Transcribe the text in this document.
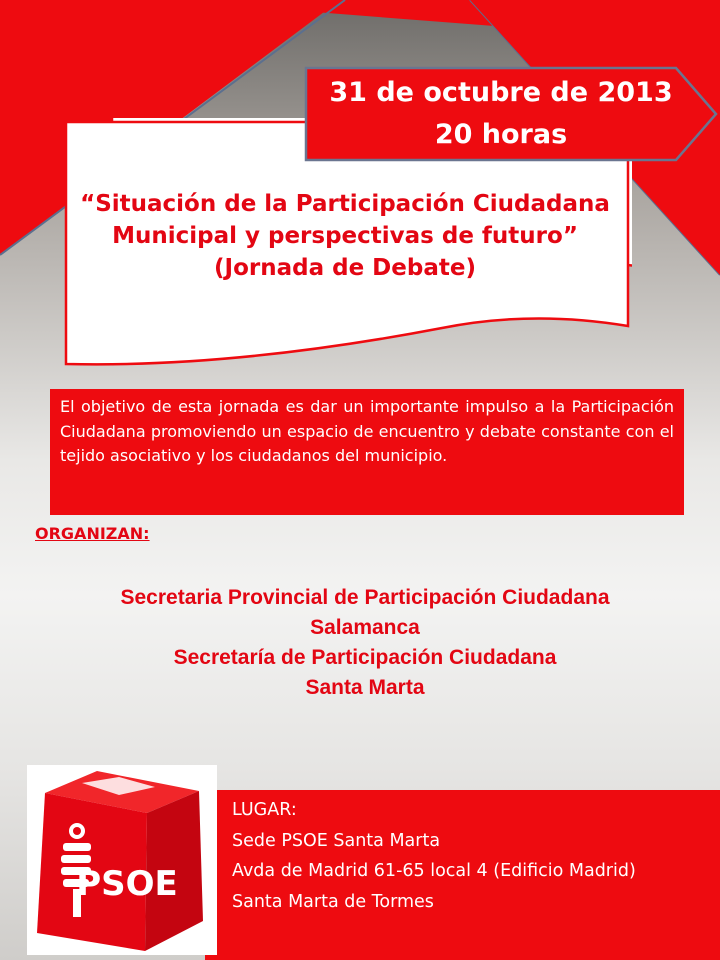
“Situación de la Participación Ciudadana
Municipal y perspectivas de futuro”
(Jornada de Debate)
31 de octubre de 2013
20 horas
El objetivo de esta jornada es dar un importante impulso a la Participación Ciudadana promoviendo un espacio de encuentro y debate constante con el tejido asociativo y los ciudadanos del municipio.
ORGANIZAN:
Secretaria Provincial de Participación Ciudadana
Salamanca
Secretaría de Participación Ciudadana
Santa Marta
LUGAR:
Sede PSOE Santa Marta
Avda de Madrid 61-65 local 4 (Edificio Madrid)
Santa Marta de Tormes
PSOE
